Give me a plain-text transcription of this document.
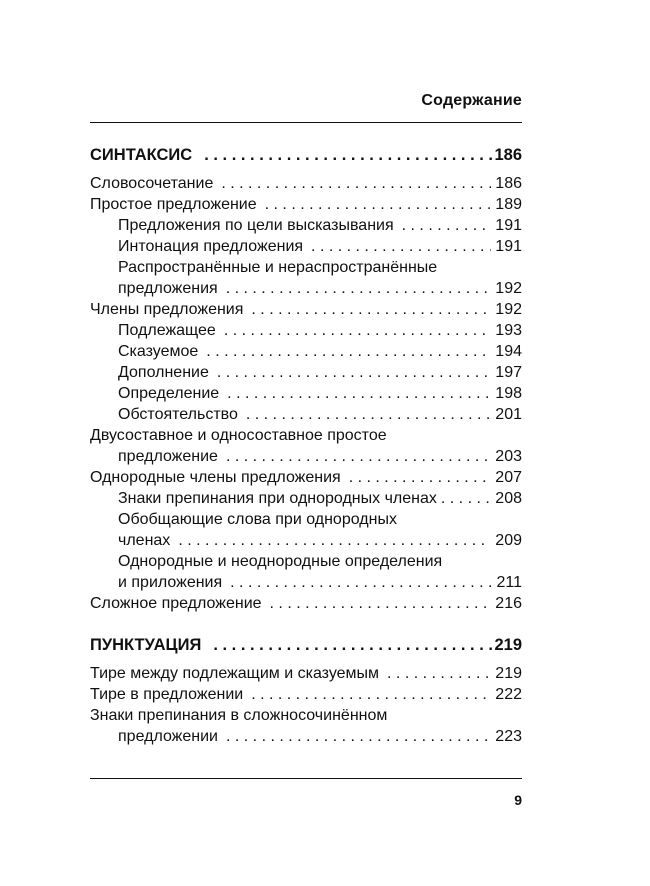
Содержание
СИНТАКСИС . . .	186
Словосочетание . . .	186
Простое предложение . . .	189
Предложения по цели высказывания . . .	191
Интонация предложения . . .	191
Распространённые и нераспространённые
предложения . . .	192
Члены предложения . . .	192
Подлежащее . . .	193
Сказуемое . . .	194
Дополнение . . .	197
Определение . . .	198
Обстоятельство . . .	201
Двусоставное и односоставное простое
предложение . . .	203
Однородные члены предложения . . .	207
Знаки препинания при однородных членах . . .	208
Обобщающие слова при однородных
членах . . .	209
Однородные и неоднородные определения
и приложения . . .	211
Сложное предложение . . .	216
ПУНКТУАЦИЯ . . .	219
Тире между подлежащим и сказуемым . . .	219
Тире в предложении . . .	222
Знаки препинания в сложносочинённом
предложении . . .	223
9
